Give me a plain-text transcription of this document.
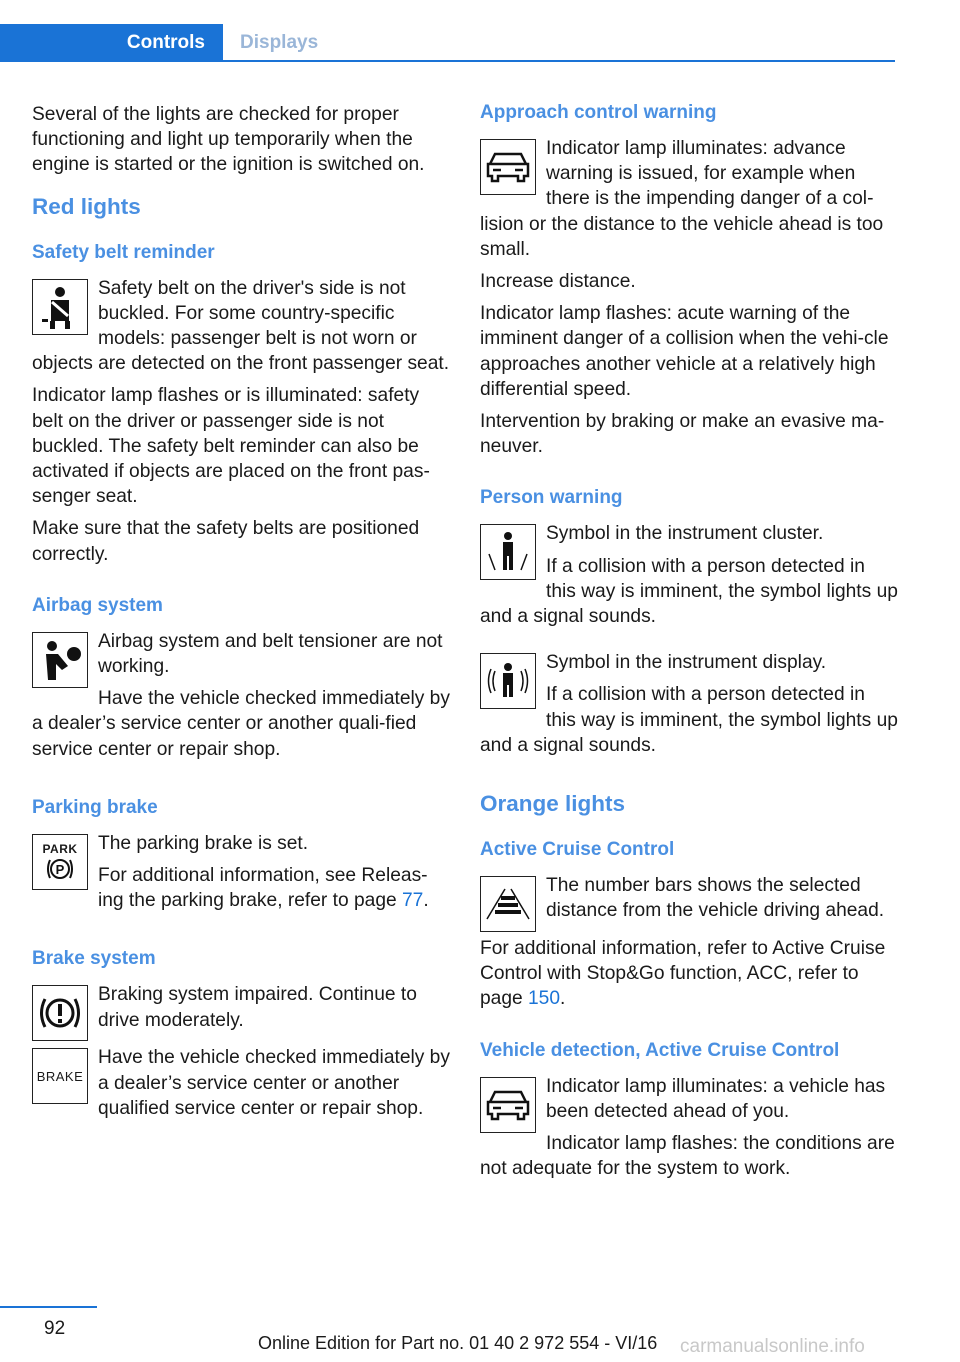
Controls	Displays

Several of the lights are checked for proper functioning and light up temporarily when the engine is started or the ignition is switched on.

Red lights
Safety belt reminder

Safety belt on the driver's side is not buckled. For some country-specific models: passenger belt is not worn or objects are detected on the front passenger seat.

Indicator lamp flashes or is illuminated: safety belt on the driver or passenger side is not buckled. The safety belt reminder can also be activated if objects are placed on the front pas-senger seat.

Make sure that the safety belts are positioned correctly.

Airbag system

Airbag system and belt tensioner are not working.

Have the vehicle checked immediately by a dealer’s service center or another quali-fied service center or repair shop.

Parking brake
PARK
P

The parking brake is set.

For additional information, see Releas-ing the parking brake, refer to page 77.

Brake system

Braking system impaired. Continue to drive moderately.

BRAKE

Have the vehicle checked immediately by a dealer’s service center or another qualified service center or repair shop.

Approach control warning

Indicator lamp illuminates: advance warning is issued, for example when there is the impending danger of a col-lision or the distance to the vehicle ahead is too small.

Increase distance.

Indicator lamp flashes: acute warning of the imminent danger of a collision when the vehi-cle approaches another vehicle at a relatively high differential speed.

Intervention by braking or make an evasive ma-neuver.

Person warning

Symbol in the instrument cluster.

If a collision with a person detected in this way is imminent, the symbol lights up and a signal sounds.

Symbol in the instrument display.

If a collision with a person detected in this way is imminent, the symbol lights up and a signal sounds.

Orange lights
Active Cruise Control

The number bars shows the selected distance from the vehicle driving ahead.

For additional information, refer to Active Cruise Control with Stop&Go function, ACC, refer to page 150.

Vehicle detection, Active Cruise Control

Indicator lamp illuminates: a vehicle has been detected ahead of you.

Indicator lamp flashes: the conditions are not adequate for the system to work.

92
Online Edition for Part no. 01 40 2 972 554 - VI/16 carmanualsonline.info
